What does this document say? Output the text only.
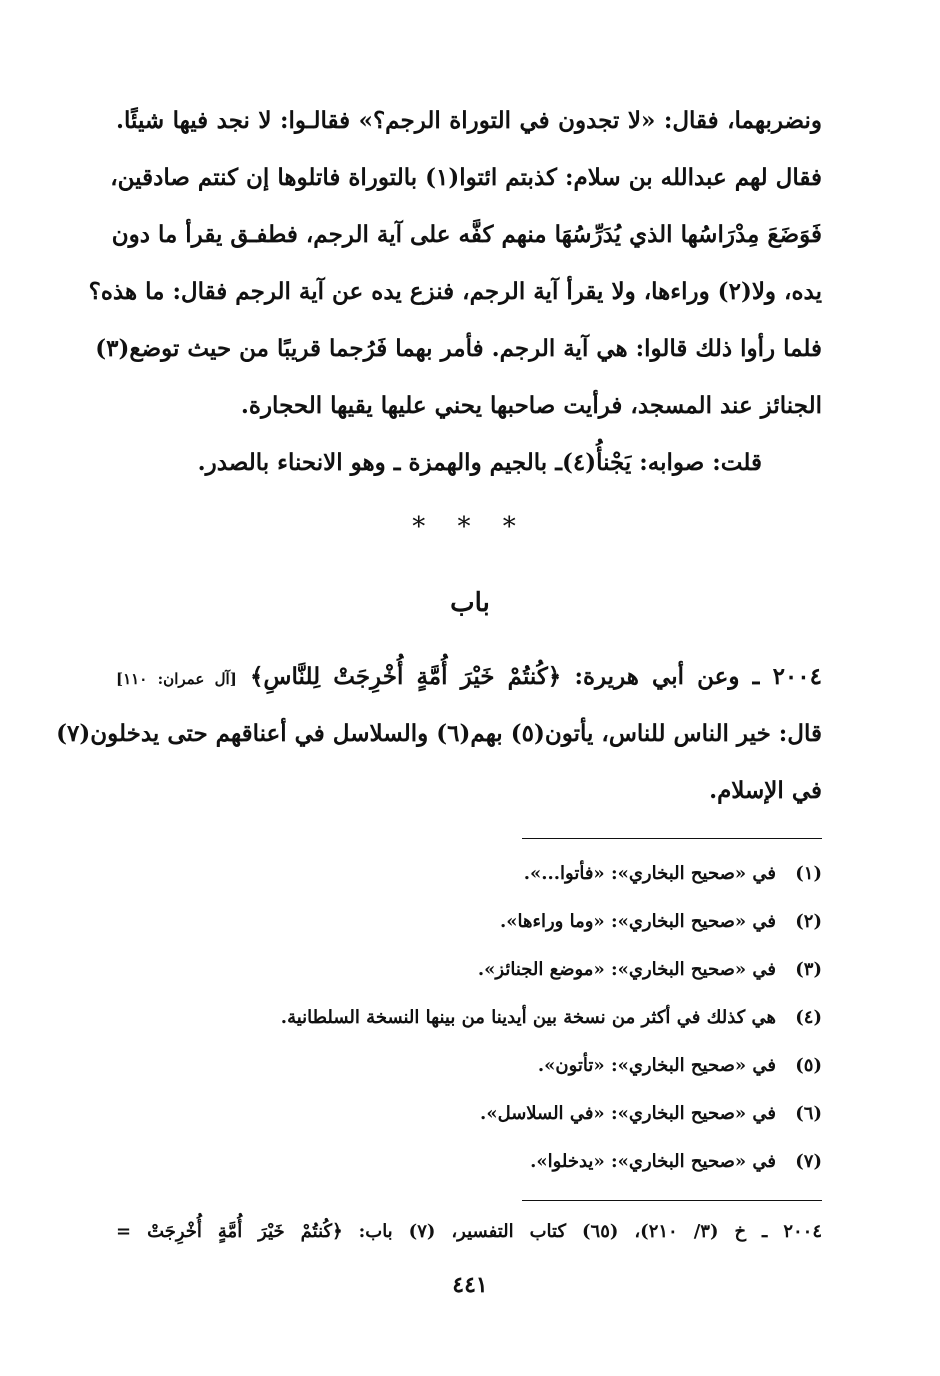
ونضربهما، فقال: «لا تجدون في التوراة الرجم؟» فقالـوا: لا نجد فيها شيئًا.
فقال لهم عبدالله بن سلام: كذبتم ائتوا(١) بالتوراة فاتلوها إن كنتم صادقين،
فَوَضَعَ مِدْرَاسُها الذي يُدَرِّسُهَا منهم كفَّه على آية الرجم، فطفـق يقرأ ما دون
يده، ولا(٢) وراءها، ولا يقرأ آية الرجم، فنزع يده عن آية الرجم فقال: ما هذه؟
فلما رأوا ذلك قالوا: هي آية الرجم. فأمر بهما فَرُجما قريبًا من حيث توضع(٣)
الجنائز عند المسجد، فرأيت صاحبها يحني عليها يقيها الحجارة.
قلت: صوابه: يَجْنأُ(٤)ـ بالجيم والهمزة ـ وهو الانحناء بالصدر.
* * *
باب
٢٠٠٤ ـ وعن أبي هريرة: ﴿كُنتُمْ خَيْرَ أُمَّةٍ أُخْرِجَتْ لِلنَّاسِ﴾ [آل عمران: ١١٠]
قال: خير الناس للناس، يأتون(٥) بهم(٦) والسلاسل في أعناقهم حتى يدخلون(٧)
في الإسلام.
(١)في «صحيح البخاري»: «فأتوا...».
(٢)في «صحيح البخاري»: «وما وراءها».
(٣)في «صحيح البخاري»: «موضع الجنائز».
(٤)هي كذلك في أكثر من نسخة بين أيدينا من بينها النسخة السلطانية.
(٥)في «صحيح البخاري»: «تأتون».
(٦)في «صحيح البخاري»: «في السلاسل».
(٧)في «صحيح البخاري»: «يدخلوا».
٢٠٠٤ ـ خ (٣/ ٢١٠)، (٦٥) كتاب التفسير، (٧) باب: ﴿كُنتُمْ خَيْرَ أُمَّةٍ أُخْرِجَتْ =
٤٤١
